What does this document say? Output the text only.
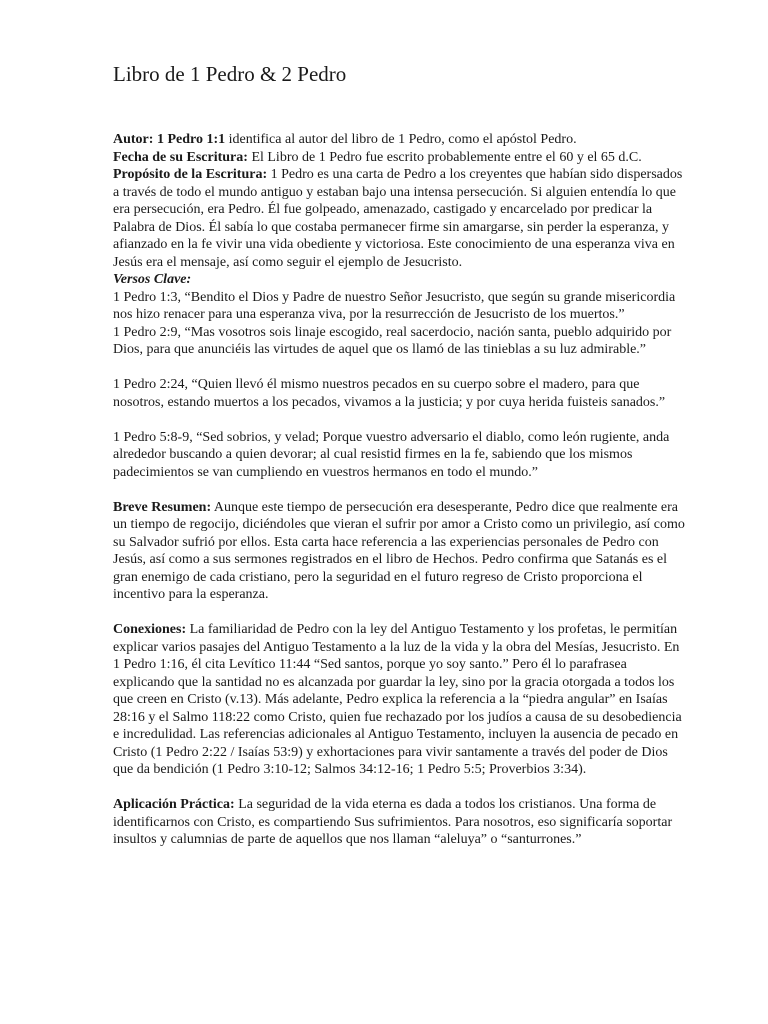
Libro de 1 Pedro & 2 Pedro

Autor: 1 Pedro 1:1 identifica al autor del libro de 1 Pedro, como el apóstol Pedro.

Fecha de su Escritura: El Libro de 1 Pedro fue escrito probablemente entre el 60 y el 65 d.C.

Propósito de la Escritura: 1 Pedro es una carta de Pedro a los creyentes que habían sido dispersados a través de todo el mundo antiguo y estaban bajo una intensa persecución. Si alguien entendía lo que era persecución, era Pedro. Él fue golpeado, amenazado, castigado y encarcelado por predicar la Palabra de Dios. Él sabía lo que costaba permanecer firme sin amargarse, sin perder la esperanza, y afianzado en la fe vivir una vida obediente y victoriosa. Este conocimiento de una esperanza viva en Jesús era el mensaje, así como seguir el ejemplo de Jesucristo.

Versos Clave:

1 Pedro 1:3, “Bendito el Dios y Padre de nuestro Señor Jesucristo, que según su grande misericordia nos hizo renacer para una esperanza viva, por la resurrección de Jesucristo de los muertos.”

1 Pedro 2:9, “Mas vosotros sois linaje escogido, real sacerdocio, nación santa, pueblo adquirido por Dios, para que anunciéis las virtudes de aquel que os llamó de las tinieblas a su luz admirable.”

1 Pedro 2:24, “Quien llevó él mismo nuestros pecados en su cuerpo sobre el madero, para que nosotros, estando muertos a los pecados, vivamos a la justicia; y por cuya herida fuisteis sanados.”

1 Pedro 5:8-9, “Sed sobrios, y velad; Porque vuestro adversario el diablo, como león rugiente, anda alrededor buscando a quien devorar; al cual resistid firmes en la fe, sabiendo que los mismos padecimientos se van cumpliendo en vuestros hermanos en todo el mundo.”

Breve Resumen: Aunque este tiempo de persecución era desesperante, Pedro dice que realmente era un tiempo de regocijo, diciéndoles que vieran el sufrir por amor a Cristo como un privilegio, así como su Salvador sufrió por ellos. Esta carta hace referencia a las experiencias personales de Pedro con Jesús, así como a sus sermones registrados en el libro de Hechos. Pedro confirma que Satanás es el gran enemigo de cada cristiano, pero la seguridad en el futuro regreso de Cristo proporciona el incentivo para la esperanza.

Conexiones: La familiaridad de Pedro con la ley del Antiguo Testamento y los profetas, le permitían explicar varios pasajes del Antiguo Testamento a la luz de la vida y la obra del Mesías, Jesucristo. En 1 Pedro 1:16, él cita Levítico 11:44 “Sed santos, porque yo soy santo.” Pero él lo parafrasea explicando que la santidad no es alcanzada por guardar la ley, sino por la gracia otorgada a todos los que creen en Cristo (v.13). Más adelante, Pedro explica la referencia a la “piedra angular” en Isaías 28:16 y el Salmo 118:22 como Cristo, quien fue rechazado por los judíos a causa de su desobediencia e incredulidad. Las referencias adicionales al Antiguo Testamento, incluyen la ausencia de pecado en Cristo (1 Pedro 2:22 / Isaías 53:9) y exhortaciones para vivir santamente a través del poder de Dios que da bendición (1 Pedro 3:10-12; Salmos 34:12-16; 1 Pedro 5:5; Proverbios 3:34).

Aplicación Práctica: La seguridad de la vida eterna es dada a todos los cristianos. Una forma de identificarnos con Cristo, es compartiendo Sus sufrimientos. Para nosotros, eso significaría soportar insultos y calumnias de parte de aquellos que nos llaman “aleluya” o “santurrones.”
